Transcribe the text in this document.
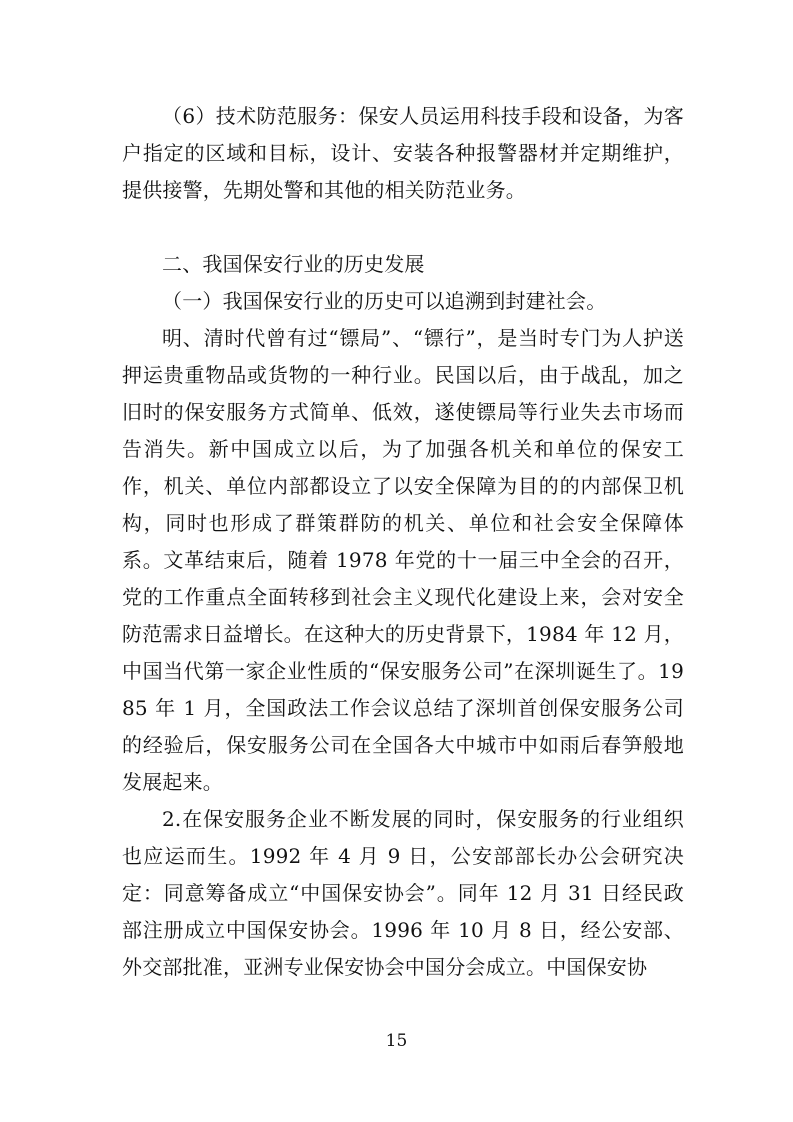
（6）技术防范服务：保安人员运用科技手段和设备，为客户指定的区域和目标，设计、安装各种报警器材并定期维护，提供接警，先期处警和其他的相关防范业务。

二、我国保安行业的历史发展

（一）我国保安行业的历史可以追溯到封建社会。

明、清时代曾有过“镖局”、“镖行”，是当时专门为人护送押运贵重物品或货物的一种行业。民国以后，由于战乱，加之旧时的保安服务方式简单、低效，遂使镖局等行业失去市场而告消失。新中国成立以后，为了加强各机关和单位的保安工作，机关、单位内部都设立了以安全保障为目的的内部保卫机构，同时也形成了群策群防的机关、单位和社会安全保障体系。文革结束后，随着 1978 年党的十一届三中全会的召开，党的工作重点全面转移到社会主义现代化建设上来，会对安全防范需求日益增长。在这种大的历史背景下，1984 年 12 月，中国当代第一家企业性质的“保安服务公司”在深圳诞生了。1985 年 1 月，全国政法工作会议总结了深圳首创保安服务公司的经验后，保安服务公司在全国各大中城市中如雨后春笋般地发展起来。

2.在保安服务企业不断发展的同时，保安服务的行业组织也应运而生。1992 年 4 月 9 日，公安部部长办公会研究决定：同意筹备成立“中国保安协会”。同年 12 月 31 日经民政部注册成立中国保安协会。1996 年 10 月 8 日，经公安部、外交部批准，亚洲专业保安协会中国分会成立。中国保安协

15
